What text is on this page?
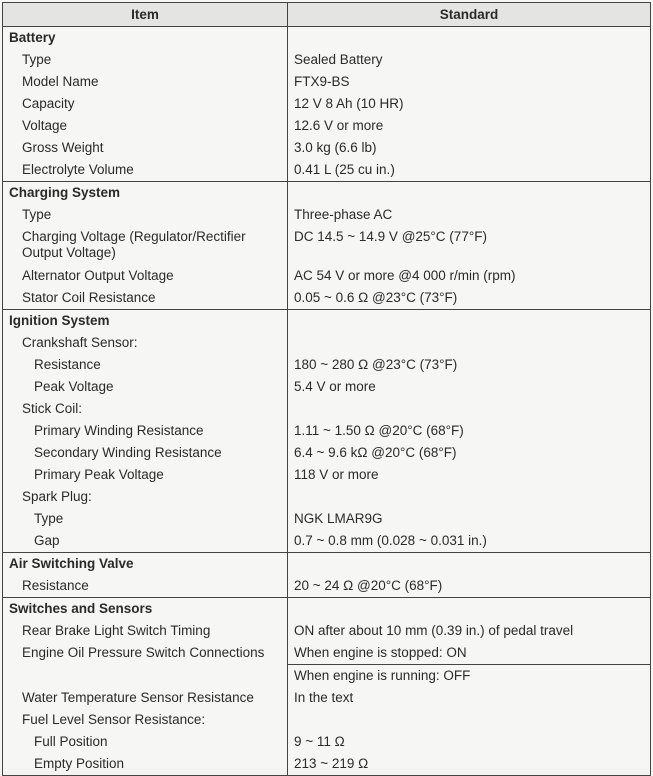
Item	Standard
Battery	
Type	Sealed Battery
Model Name	FTX9-BS
Capacity	12 V 8 Ah (10 HR)
Voltage	12.6 V or more
Gross Weight	3.0 kg (6.6 lb)
Electrolyte Volume	0.41 L (25 cu in.)
Charging System	
Type	Three-phase AC

Charging Voltage (Regulator/Rectifier
Output Voltage)	DC 14.5 ~ 14.9 V @25°C (77°F)
Alternator Output Voltage	AC 54 V or more @4 000 r/min (rpm)
Stator Coil Resistance	0.05 ~ 0.6 Ω @23°C (73°F)
Ignition System	
Crankshaft Sensor:	
Resistance	180 ~ 280 Ω @23°C (73°F)
Peak Voltage	5.4 V or more
Stick Coil:	
Primary Winding Resistance	1.11 ~ 1.50 Ω @20°C (68°F)
Secondary Winding Resistance	6.4 ~ 9.6 kΩ @20°C (68°F)
Primary Peak Voltage	118 V or more
Spark Plug:	
Type	NGK LMAR9G
Gap	0.7 ~ 0.8 mm (0.028 ~ 0.031 in.)
Air Switching Valve	
Resistance	20 ~ 24 Ω @20°C (68°F)
Switches and Sensors	
Rear Brake Light Switch Timing	ON after about 10 mm (0.39 in.) of pedal travel
Engine Oil Pressure Switch Connections	When engine is stopped: ON
	When engine is running: OFF
Water Temperature Sensor Resistance	In the text
Fuel Level Sensor Resistance:	
Full Position	9 ~ 11 Ω
Empty Position	213 ~ 219 Ω
